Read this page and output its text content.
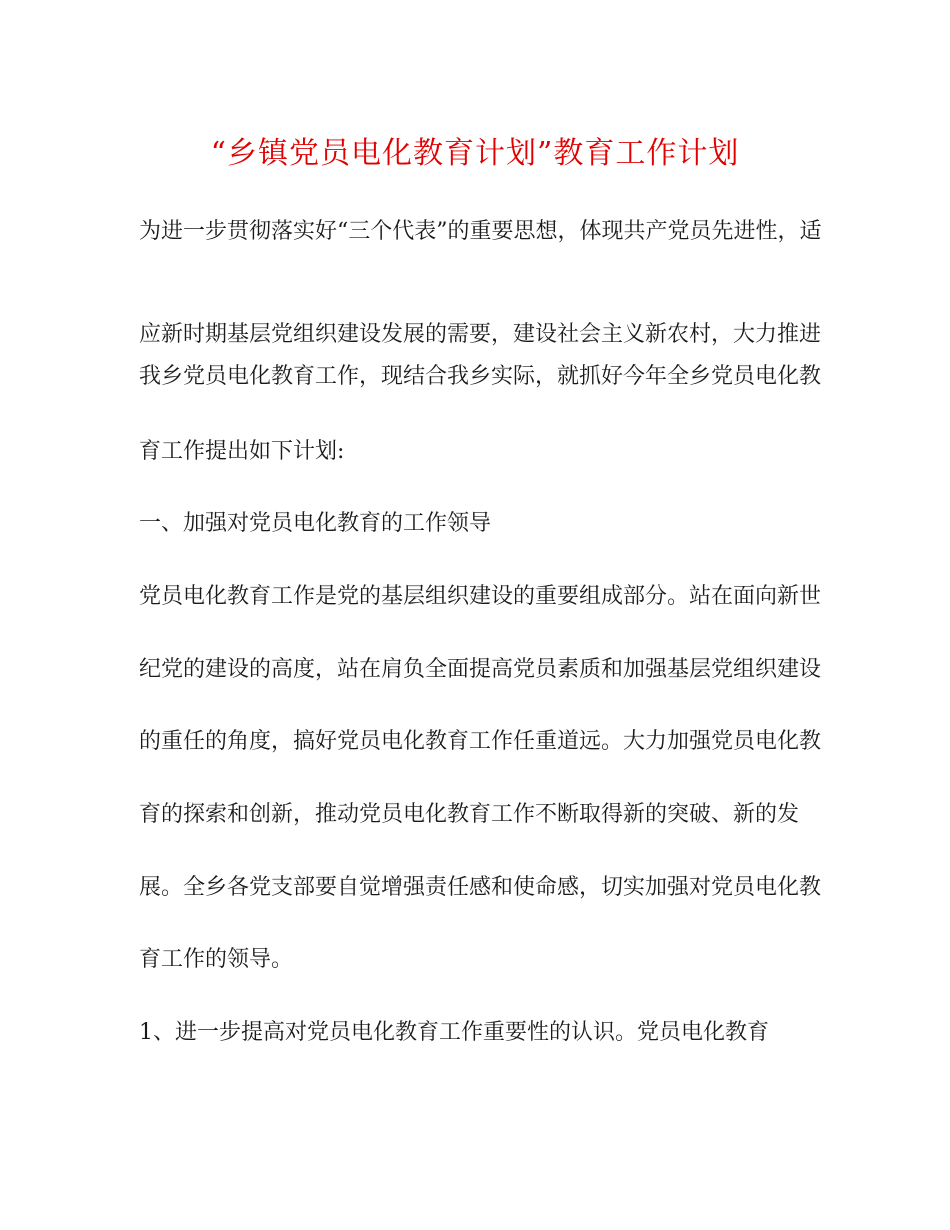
“乡镇党员电化教育计划”教育工作计划
为进一步贯彻落实好“三个代表”的重要思想，体现共产党员先进性，适
应新时期基层党组织建设发展的需要，建设社会主义新农村，大力推进
我乡党员电化教育工作，现结合我乡实际，就抓好今年全乡党员电化教
育工作提出如下计划:
一、加强对党员电化教育的工作领导
党员电化教育工作是党的基层组织建设的重要组成部分。站在面向新世
纪党的建设的高度，站在肩负全面提高党员素质和加强基层党组织建设
的重任的角度，搞好党员电化教育工作任重道远。大力加强党员电化教
育的探索和创新，推动党员电化教育工作不断取得新的突破、新的发
展。全乡各党支部要自觉增强责任感和使命感，切实加强对党员电化教
育工作的领导。
1、进一步提高对党员电化教育工作重要性的认识。党员电化教育
